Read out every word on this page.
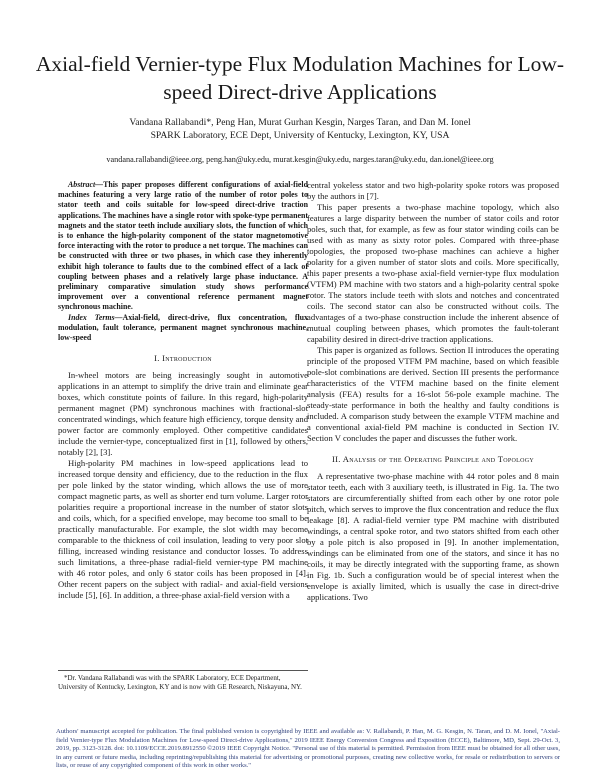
Axial-field Vernier-type Flux Modulation Machines for Low-speed Direct-drive Applications
Vandana Rallabandi*, Peng Han, Murat Gurhan Kesgin, Narges Taran, and Dan M. Ionel
SPARK Laboratory, ECE Dept, University of Kentucky, Lexington, KY, USA
vandana.rallabandi@ieee.org, peng.han@uky.edu, murat.kesgin@uky.edu, narges.taran@uky.edu, dan.ionel@ieee.org

Abstract—This paper proposes different configurations of axial-field machines featuring a very large ratio of the number of rotor poles to stator teeth and coils suitable for low-speed direct-drive traction applications. The machines have a single rotor with spoke-type permanent magnets and the stator teeth include auxiliary slots, the function of which is to enhance the high-polarity component of the stator magnetomotive force interacting with the rotor to produce a net torque. The machines can be constructed with three or two phases, in which case they inherently exhibit high tolerance to faults due to the combined effect of a lack of coupling between phases and a relatively large phase inductance. A preliminary comparative simulation study shows performance improvement over a conventional reference permanent magnet synchronous machine.

Index Terms—Axial-field, direct-drive, flux concentration, flux modulation, fault tolerance, permanent magnet synchronous machine, low-speed

I. Introduction

In-wheel motors are being increasingly sought in automotive applications in an attempt to simplify the drive train and eliminate gear boxes, which constitute points of failure. In this regard, high-polarity permanent magnet (PM) synchronous machines with fractional-slot concentrated windings, which feature high efficiency, torque density and power factor are commonly employed. Other competitive candidates include the vernier-type, conceptualized first in [1], followed by others, notably [2], [3].

High-polarity PM machines in low-speed applications lead to increased torque density and efficiency, due to the reduction in the flux per pole linked by the stator winding, which allows the use of more compact magnetic parts, as well as shorter end turn volume. Larger rotor polarities require a proportional increase in the number of stator slots and coils, which, for a specified envelope, may become too small to be practically manufacturable. For example, the slot width may become comparable to the thickness of coil insulation, leading to very poor slot filling, increased winding resistance and conductor losses. To address such limitations, a three-phase radial-field vernier-type PM machine with 46 rotor poles, and only 6 stator coils has been proposed in [4]. Other recent papers on the subject with radial- and axial-field versions include [5], [6]. In addition, a three-phase axial-field version with a

*Dr. Vandana Rallabandi was with the SPARK Laboratory, ECE Department, University of Kentucky, Lexington, KY and is now with GE Research, Niskayuna, NY.

central yokeless stator and two high-polarity spoke rotors was proposed by the authors in [7].

This paper presents a two-phase machine topology, which also features a large disparity between the number of stator coils and rotor poles, such that, for example, as few as four stator winding coils can be used with as many as sixty rotor poles. Compared with three-phase topologies, the proposed two-phase machines can achieve a higher polarity for a given number of stator slots and coils. More specifically, this paper presents a two-phase axial-field vernier-type flux modulation (VTFM) PM machine with two stators and a high-polarity central spoke rotor. The stators include teeth with slots and notches and concentrated coils. The second stator can also be constructed without coils. The advantages of a two-phase construction include the inherent absence of mutual coupling between phases, which promotes the fault-tolerant capability desired in direct-drive traction applications.

This paper is organized as follows. Section II introduces the operating principle of the proposed VTFM PM machine, based on which feasible pole-slot combinations are derived. Section III presents the performance characteristics of the VTFM machine based on the finite element analysis (FEA) results for a 16-slot 56-pole example machine. The steady-state performance in both the healthy and faulty conditions is included. A comparison study between the example VTFM machine and a conventional axial-field PM machine is conducted in Section IV. Section V concludes the paper and discusses the futher work.

II. Analysis of the Operating Principle and Topology

A representative two-phase machine with 44 rotor poles and 8 main stator teeth, each with 3 auxiliary teeth, is illustrated in Fig. 1a. The two stators are circumferentially shifted from each other by one rotor pole pitch, which serves to improve the flux concentration and reduce the flux leakage [8]. A radial-field vernier type PM machine with distributed windings, a central spoke rotor, and two stators shifted from each other by a pole pitch is also proposed in [9]. In another implementation, windings can be eliminated from one of the stators, and since it has no coils, it may be directly integrated with the supporting frame, as shown in Fig. 1b. Such a configuration would be of special interest when the envelope is axially limited, which is usually the case in direct-drive applications. Two

Authors' manuscript accepted for publication. The final published version is copyrighted by IEEE and available as: V. Rallabandi, P. Han, M. G. Kesgin, N. Taran, and D. M. Ionel, "Axial-field Vernier-type Flux Modulation Machines for Low-speed Direct-drive Applications," 2019 IEEE Energy Conversion Congress and Exposition (ECCE), Baltimore, MD, Sept. 29-Oct. 3, 2019, pp. 3123-3128. doi: 10.1109/ECCE.2019.8912550 ©2019 IEEE Copyright Notice. "Personal use of this material is permitted. Permission from IEEE must be obtained for all other uses, in any current or future media, including reprinting/republishing this material for advertising or promotional purposes, creating new collective works, for resale or redistribution to servers or lists, or reuse of any copyrighted component of this work in other works."
